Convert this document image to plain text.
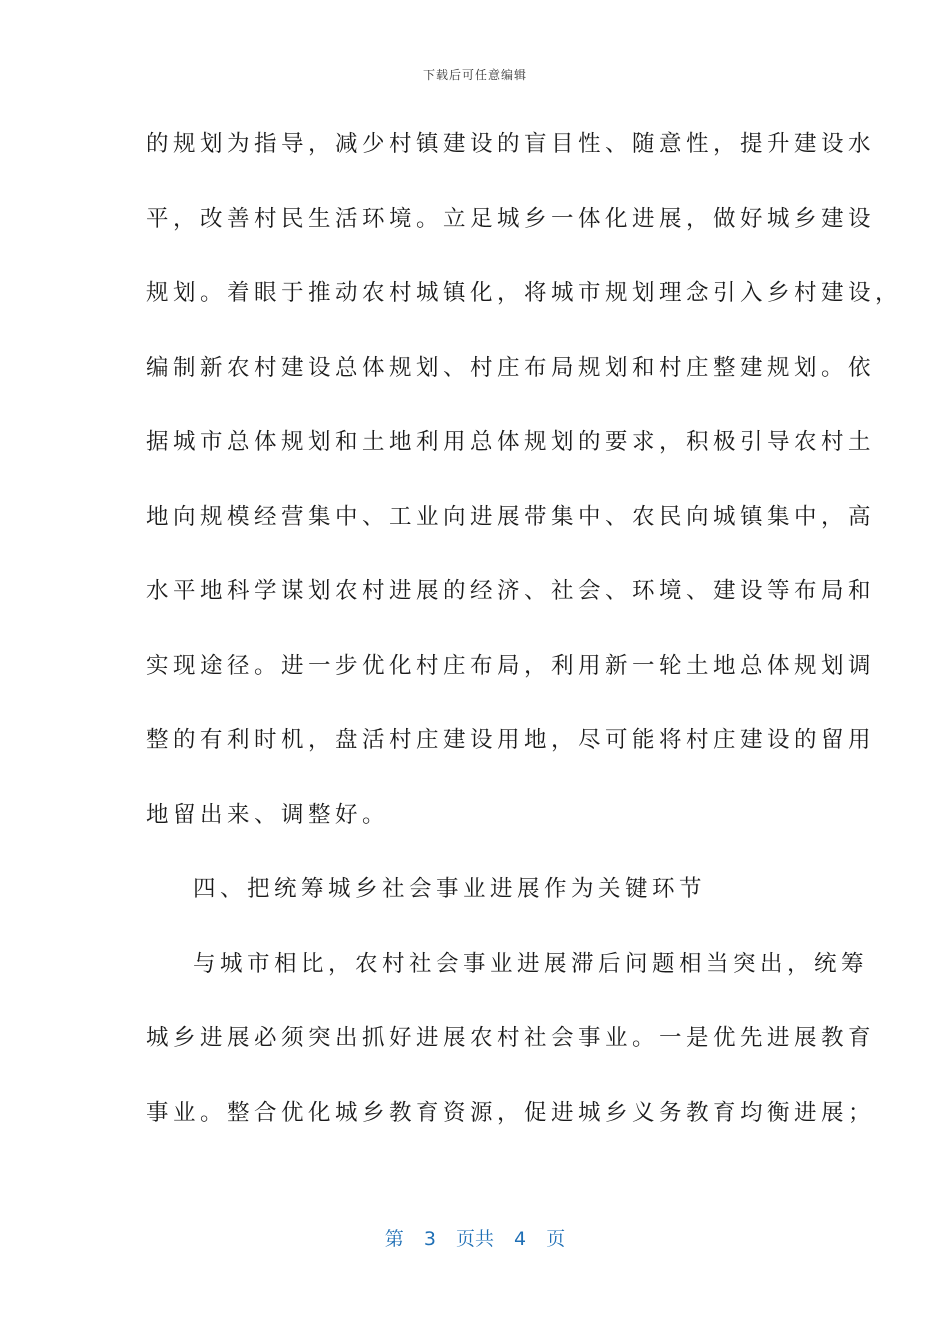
下载后可任意编辑
的规划为指导，减少村镇建设的盲目性、随意性，提升建设水
平，改善村民生活环境。立足城乡一体化进展，做好城乡建设
规划。着眼于推动农村城镇化，将城市规划理念引入乡村建设，
编制新农村建设总体规划、村庄布局规划和村庄整建规划。依
据城市总体规划和土地利用总体规划的要求，积极引导农村土
地向规模经营集中、工业向进展带集中、农民向城镇集中，高
水平地科学谋划农村进展的经济、社会、环境、建设等布局和
实现途径。进一步优化村庄布局，利用新一轮土地总体规划调
整的有利时机，盘活村庄建设用地，尽可能将村庄建设的留用
地留出来、调整好。
四、把统筹城乡社会事业进展作为关键环节
与城市相比，农村社会事业进展滞后问题相当突出，统筹
城乡进展必须突出抓好进展农村社会事业。一是优先进展教育
事业。整合优化城乡教育资源，促进城乡义务教育均衡进展；
第 3 页共 4 页
